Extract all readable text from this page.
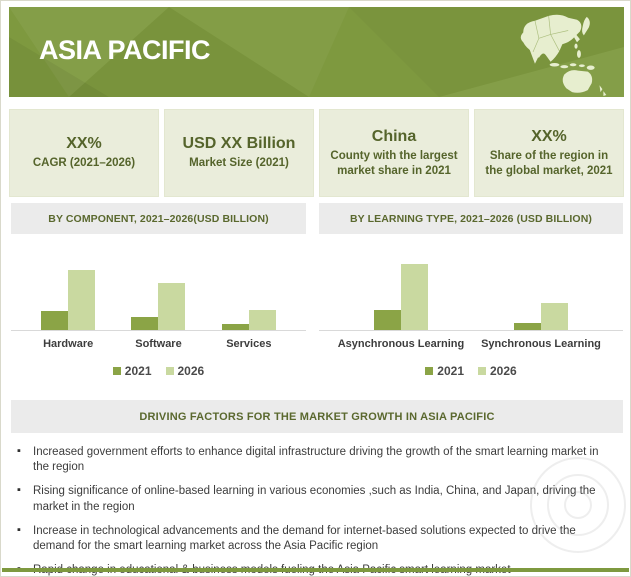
ASIA PACIFIC
XX%
CAGR (2021–2026)
USD XX Billion
Market Size (2021)
China
County with the largest market share in 2021
XX%
Share of the region in the global market, 2021
BY COMPONENT, 2021–2026(USD BILLION)
Hardware	Software	Services
2021 2026
BY LEARNING TYPE, 2021–2026 (USD BILLION)
Asynchronous Learning	Synchronous Learning
2021 2026
DRIVING FACTORS FOR THE MARKET GROWTH IN ASIA PACIFIC
▪ Increased government efforts to enhance digital infrastructure driving the growth of the smart learning market in the region
▪ Rising significance of online-based learning in various economies ,such as India, China, and Japan, driving the market in the region
▪ Increase in technological advancements and the demand for internet-based solutions expected to drive the demand for the smart learning market across the Asia Pacific region
▪
